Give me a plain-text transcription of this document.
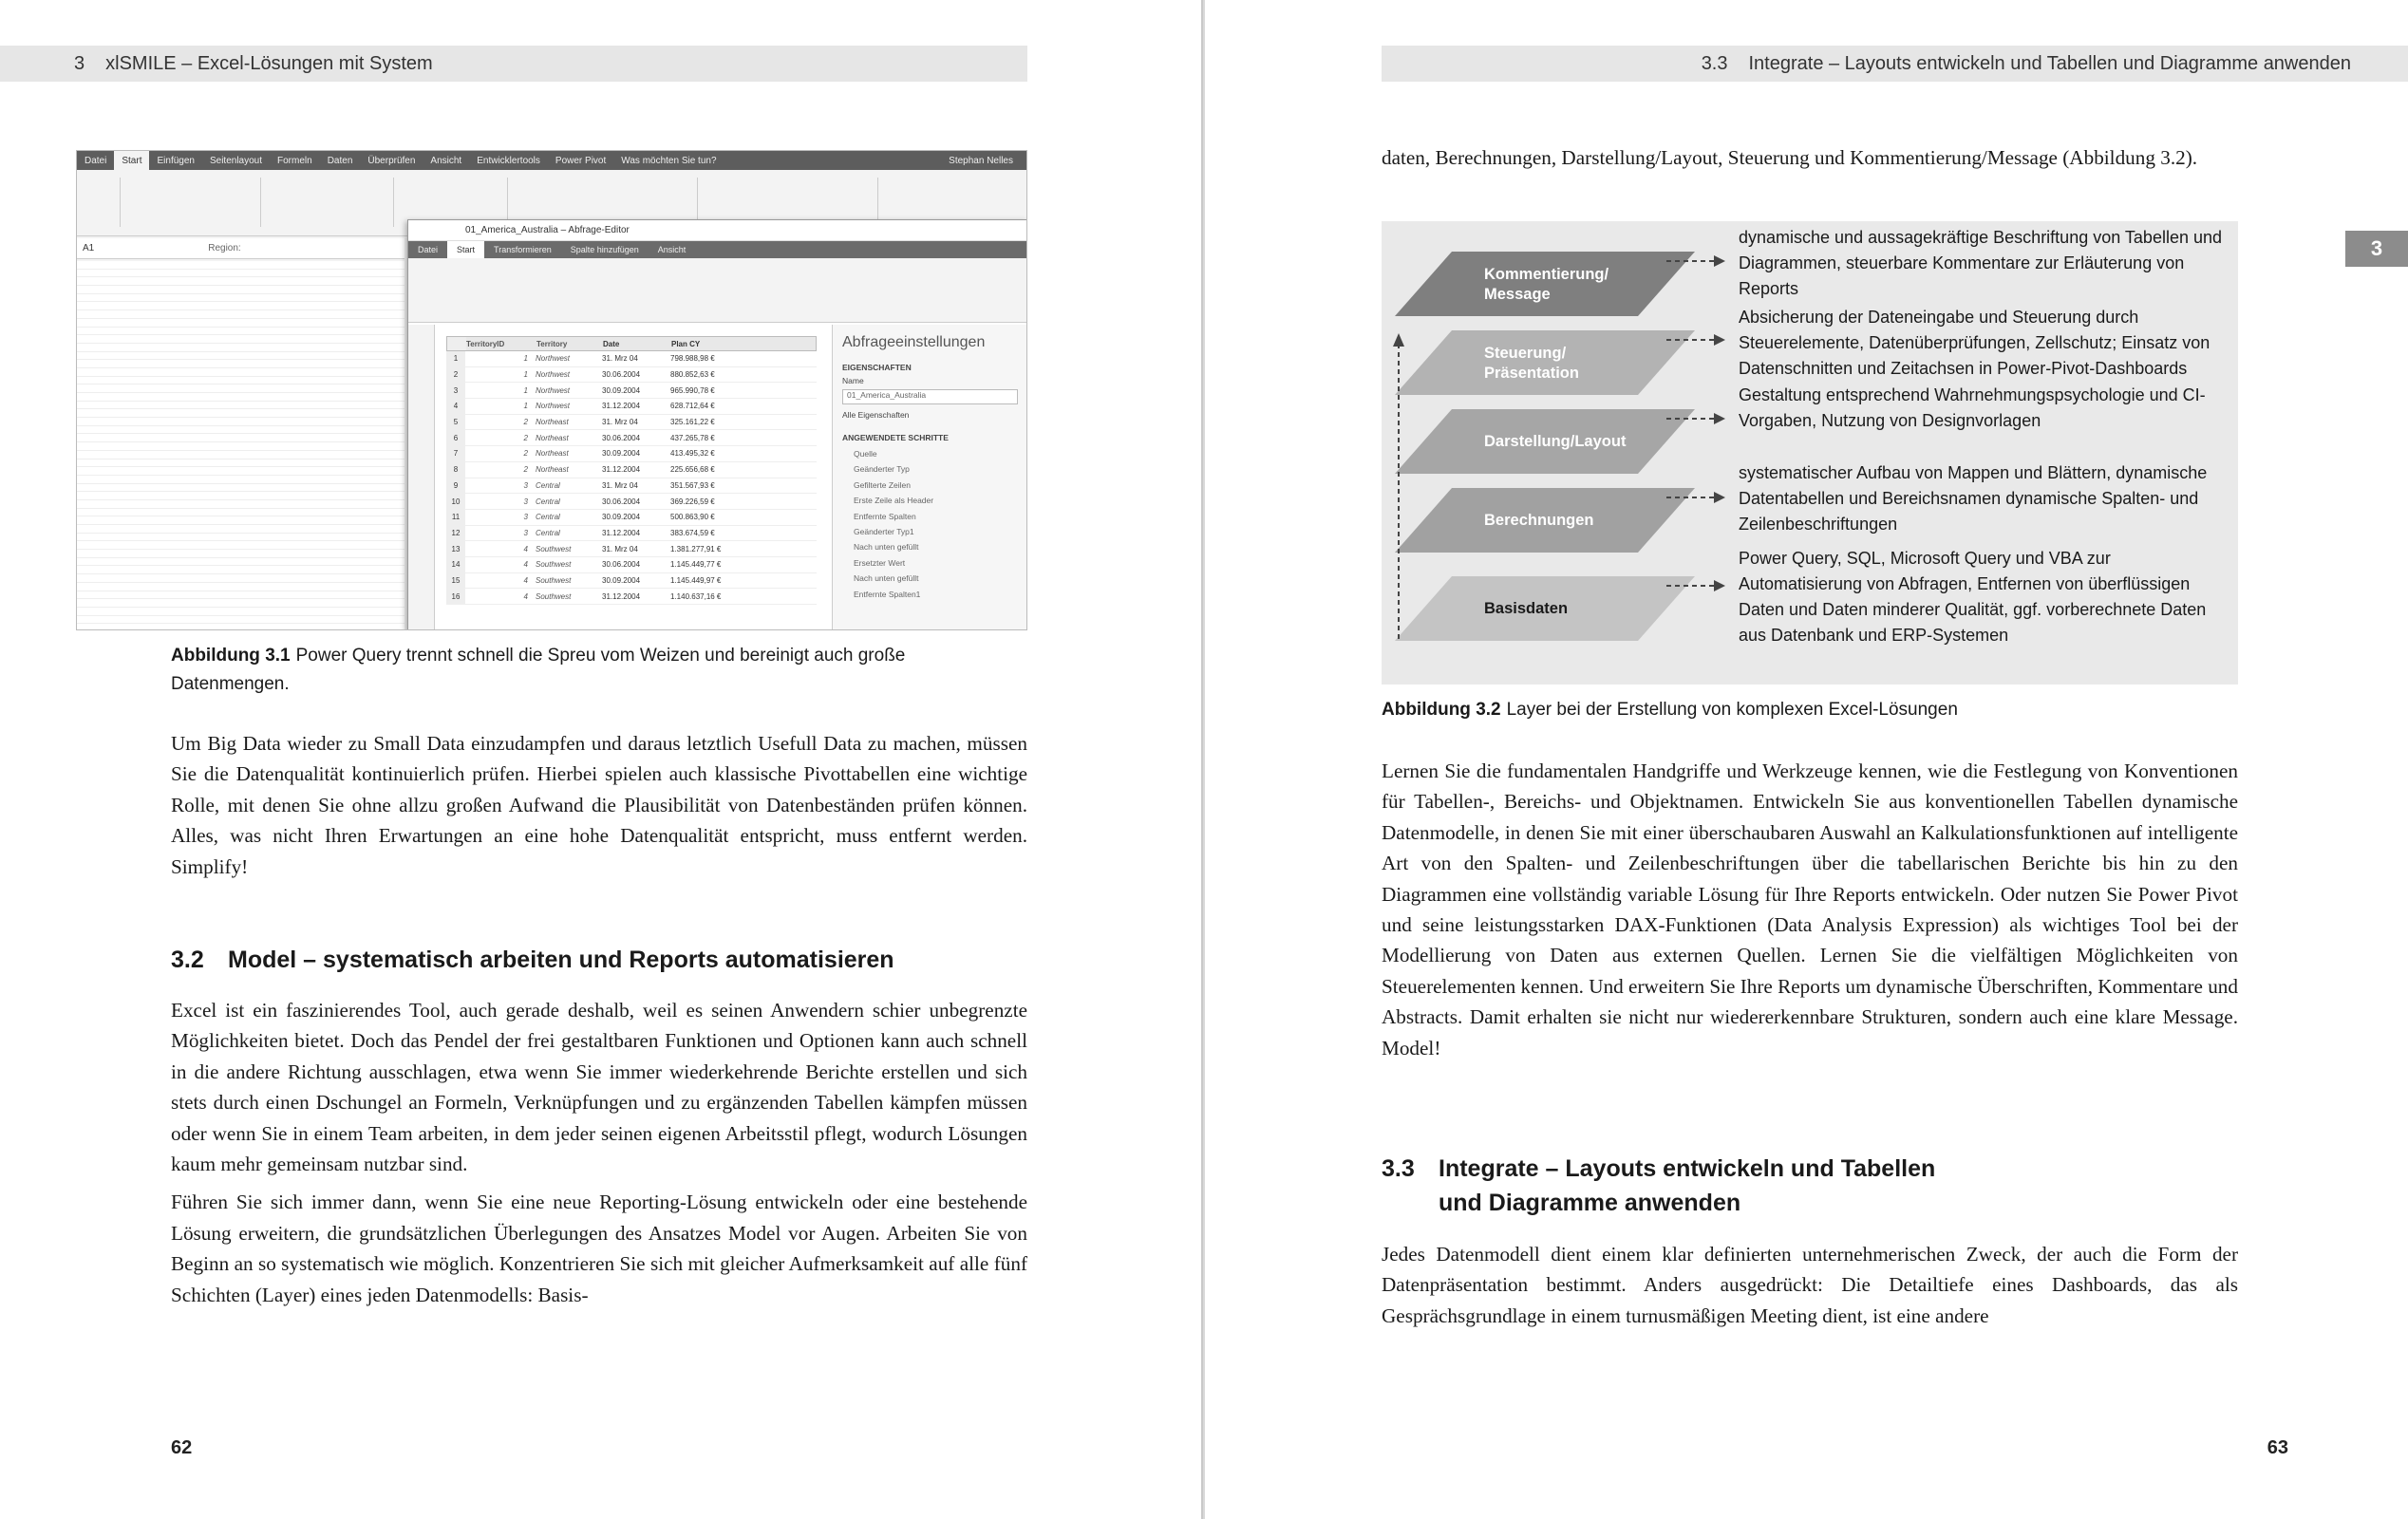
3 xlSMILE – Excel-Lösungen mit System
Datei	Start	Einfügen	Seitenlayout	Formeln	Daten	Überprüfen	Ansicht	Entwicklertools	Power Pivot	Was möchten Sie tun?	Stephan Nelles
A1	Region:
01_America_Australia – Abfrage-Editor
Datei	Start	Transformieren	Spalte hinzufügen	Ansicht
TerritoryID	Territory	Date	Plan CY
1	1	Northwest	31. Mrz 04	798.988,98 €
2	1	Northwest	30.06.2004	880.852,63 €
3	1	Northwest	30.09.2004	965.990,78 €
4	1	Northwest	31.12.2004	628.712,64 €
5	2	Northeast	31. Mrz 04	325.161,22 €
6	2	Northeast	30.06.2004	437.265,78 €
7	2	Northeast	30.09.2004	413.495,32 €
8	2	Northeast	31.12.2004	225.656,68 €
9	3	Central	31. Mrz 04	351.567,93 €
10	3	Central	30.06.2004	369.226,59 €
11	3	Central	30.09.2004	500.863,90 €
12	3	Central	31.12.2004	383.674,59 €
13	4	Southwest	31. Mrz 04	1.381.277,91 €
14	4	Southwest	30.06.2004	1.145.449,77 €
15	4	Southwest	30.09.2004	1.145.449,97 €
16	4	Southwest	31.12.2004	1.140.637,16 €
Abfrageeinstellungen
EIGENSCHAFTEN
Name
01_America_Australia
Alle Eigenschaften
ANGEWENDETE SCHRITTE
Quelle
Geänderter Typ
Gefilterte Zeilen
Erste Zeile als Header
Entfernte Spalten
Geänderter Typ1
Nach unten gefüllt
Ersetzter Wert
Nach unten gefüllt
Entfernte Spalten1
Abbildung 3.1 Power Query trennt schnell die Spreu vom Weizen und bereinigt auch große Datenmengen.

Um Big Data wieder zu Small Data einzudampfen und daraus letztlich Usefull Data zu machen, müssen Sie die Datenqualität kontinuierlich prüfen. Hierbei spielen auch klassische Pivottabellen eine wichtige Rolle, mit denen Sie ohne allzu großen Aufwand die Plausibilität von Datenbeständen prüfen können. Alles, was nicht Ihren Erwartungen an eine hohe Datenqualität entspricht, muss entfernt werden. Simplify!

3.2	Model – systematisch arbeiten und Reports automatisieren

Excel ist ein faszinierendes Tool, auch gerade deshalb, weil es seinen Anwendern schier unbegrenzte Möglichkeiten bietet. Doch das Pendel der frei gestaltbaren Funktionen und Optionen kann auch schnell in die andere Richtung ausschlagen, etwa wenn Sie immer wiederkehrende Berichte erstellen und sich stets durch einen Dschungel an Formeln, Verknüpfungen und zu ergänzenden Tabellen kämpfen müssen oder wenn Sie in einem Team arbeiten, in dem jeder seinen eigenen Arbeitsstil pflegt, wodurch Lösungen kaum mehr gemeinsam nutzbar sind.

Führen Sie sich immer dann, wenn Sie eine neue Reporting-Lösung entwickeln oder eine bestehende Lösung erweitern, die grundsätzlichen Überlegungen des Ansatzes Model vor Augen. Arbeiten Sie von Beginn an so systematisch wie möglich. Konzentrieren Sie sich mit gleicher Aufmerksamkeit auf alle fünf Schichten (Layer) eines jeden Datenmodells: Basis-

62
3.3 Integrate – Layouts entwickeln und Tabellen und Diagramme anwenden
3

daten, Berechnungen, Darstellung/Layout, Steuerung und Kommentierung/Message (Abbildung 3.2).

Kommentierung/
Message
dynamische und aussagekräftige Beschriftung von Tabellen und Diagrammen, steuerbare Kommentare zur Erläuterung von Reports
Steuerung/
Präsentation
Absicherung der Dateneingabe und Steuerung durch Steuerelemente, Datenüberprüfungen, Zellschutz; Einsatz von Datenschnitten und Zeitachsen in Power-Pivot-Dashboards
Darstellung/Layout
Gestaltung entsprechend Wahrnehmungspsychologie und CI-Vorgaben, Nutzung von Designvorlagen
Berechnungen
systematischer Aufbau von Mappen und Blättern, dynamische Datentabellen und Bereichsnamen dynamische Spalten- und Zeilenbeschriftungen
Basisdaten
Power Query, SQL, Microsoft Query und VBA zur Automatisierung von Abfragen, Entfernen von überflüssigen Daten und Daten minderer Qualität, ggf. vorberechnete Daten aus Datenbank und ERP-Systemen
Abbildung 3.2 Layer bei der Erstellung von komplexen Excel-Lösungen

Lernen Sie die fundamentalen Handgriffe und Werkzeuge kennen, wie die Festlegung von Konventionen für Tabellen-, Bereichs- und Objektnamen. Entwickeln Sie aus konventionellen Tabellen dynamische Datenmodelle, in denen Sie mit einer überschaubaren Auswahl an Kalkulationsfunktionen auf intelligente Art von den Spalten- und Zeilenbeschriftungen über die tabellarischen Berichte bis hin zu den Diagrammen eine vollständig variable Lösung für Ihre Reports entwickeln. Oder nutzen Sie Power Pivot und seine leistungsstarken DAX-Funktionen (Data Analysis Expression) als wichtiges Tool bei der Modellierung von Daten aus externen Quellen. Lernen Sie die vielfältigen Möglichkeiten von Steuerelementen kennen. Und erweitern Sie Ihre Reports um dynamische Überschriften, Kommentare und Abstracts. Damit erhalten sie nicht nur wiedererkennbare Strukturen, sondern auch eine klare Message. Model!

3.3	Integrate – Layouts entwickeln und Tabellen
und Diagramme anwenden

Jedes Datenmodell dient einem klar definierten unternehmerischen Zweck, der auch die Form der Datenpräsentation bestimmt. Anders ausgedrückt: Die Detailtiefe eines Dashboards, das als Gesprächsgrundlage in einem turnusmäßigen Meeting dient, ist eine andere

63
